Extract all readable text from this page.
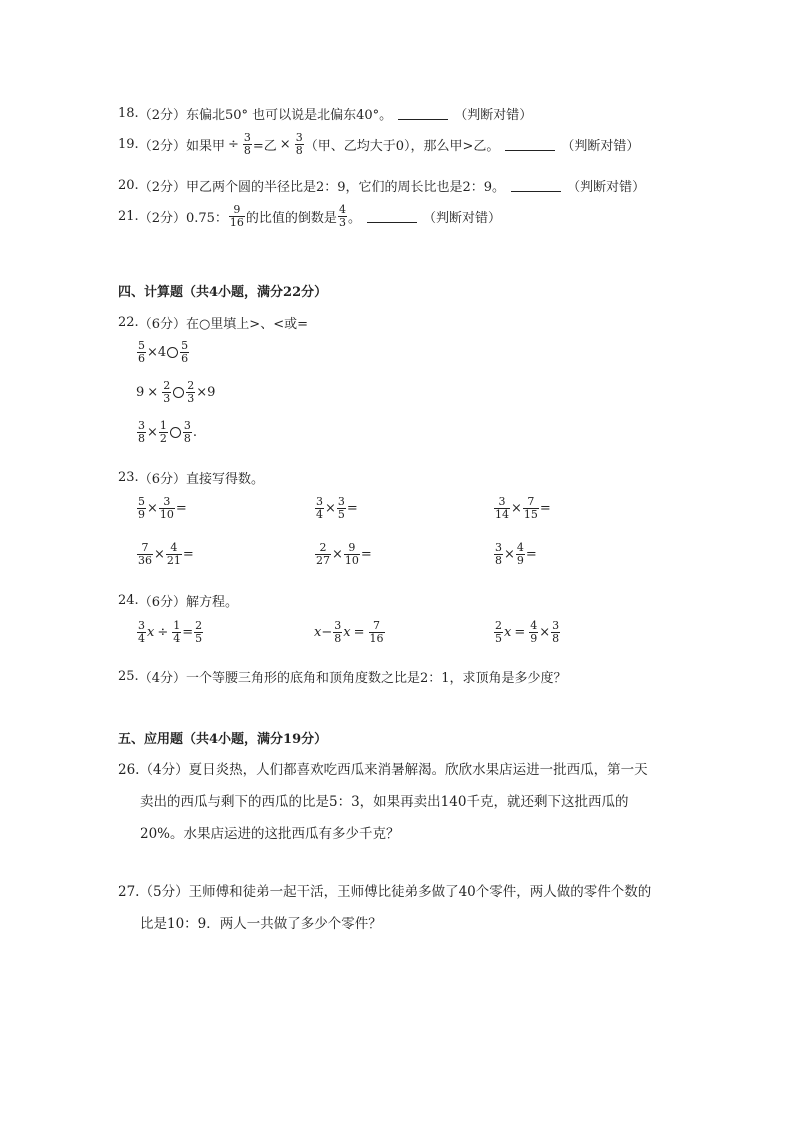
18. （2分） 东偏北50° 也可以说是北偏东40°。	（判断对错）
19. （2分） 如果甲 ÷ $\frac{3}{8}$ =乙 × $\frac{3}{8}$ （甲、乙均大于0），那么甲>乙。	（判断对错）
20. （2分） 甲乙两个圆的半径比是2：9，它们的周长比也是2：9。	（判断对错）
21. （2分） 0.75： $\frac{9}{16}$ 的比值的倒数是 $\frac{4}{3}$ 。	（判断对错）
四、计算题（共4小题，满分22分）
22. （6分） 在○里填上>、<或=
$\frac{5}{6} \times 4 \frac{5}{6}$
$9 \times \frac{2}{3} \frac{2}{3} \times 9$
$\frac{3}{8} \times \frac{1}{2} \frac{3}{8}$ .
23. （6分） 直接写得数。
$\frac{5}{9} \times \frac{3}{10}$ =	$\frac{3}{4} \times \frac{3}{5}$ =	$\frac{3}{14} \times \frac{7}{15}$ =
$\frac{7}{36} \times \frac{4}{21}$ =	$\frac{2}{27} \times \frac{9}{10}$ =	$\frac{3}{8} \times \frac{4}{9}$ =
24. （6分） 解方程。
$\frac{3}{4}$ $x \div \frac{1}{4} = \frac{2}{5}$	$x - \frac{3}{8}$ $x = \frac{7}{16}$	$\frac{2}{5}$ $x = \frac{4}{9} \times \frac{3}{8}$
25. （4分） 一个等腰三角形的底角和顶角度数之比是2：1，求顶角是多少度？
五、应用题（共4小题，满分19分）
26.（4分）夏日炎热，人们都喜欢吃西瓜来消暑解渴。欣欣水果店运进一批西瓜，第一天
卖出的西瓜与剩下的西瓜的比是5：3，如果再卖出140千克，就还剩下这批西瓜的
20%。水果店运进的这批西瓜有多少千克？
27.（5分）王师傅和徒弟一起干活，王师傅比徒弟多做了40个零件，两人做的零件个数的
比是10：9．两人一共做了多少个零件？
